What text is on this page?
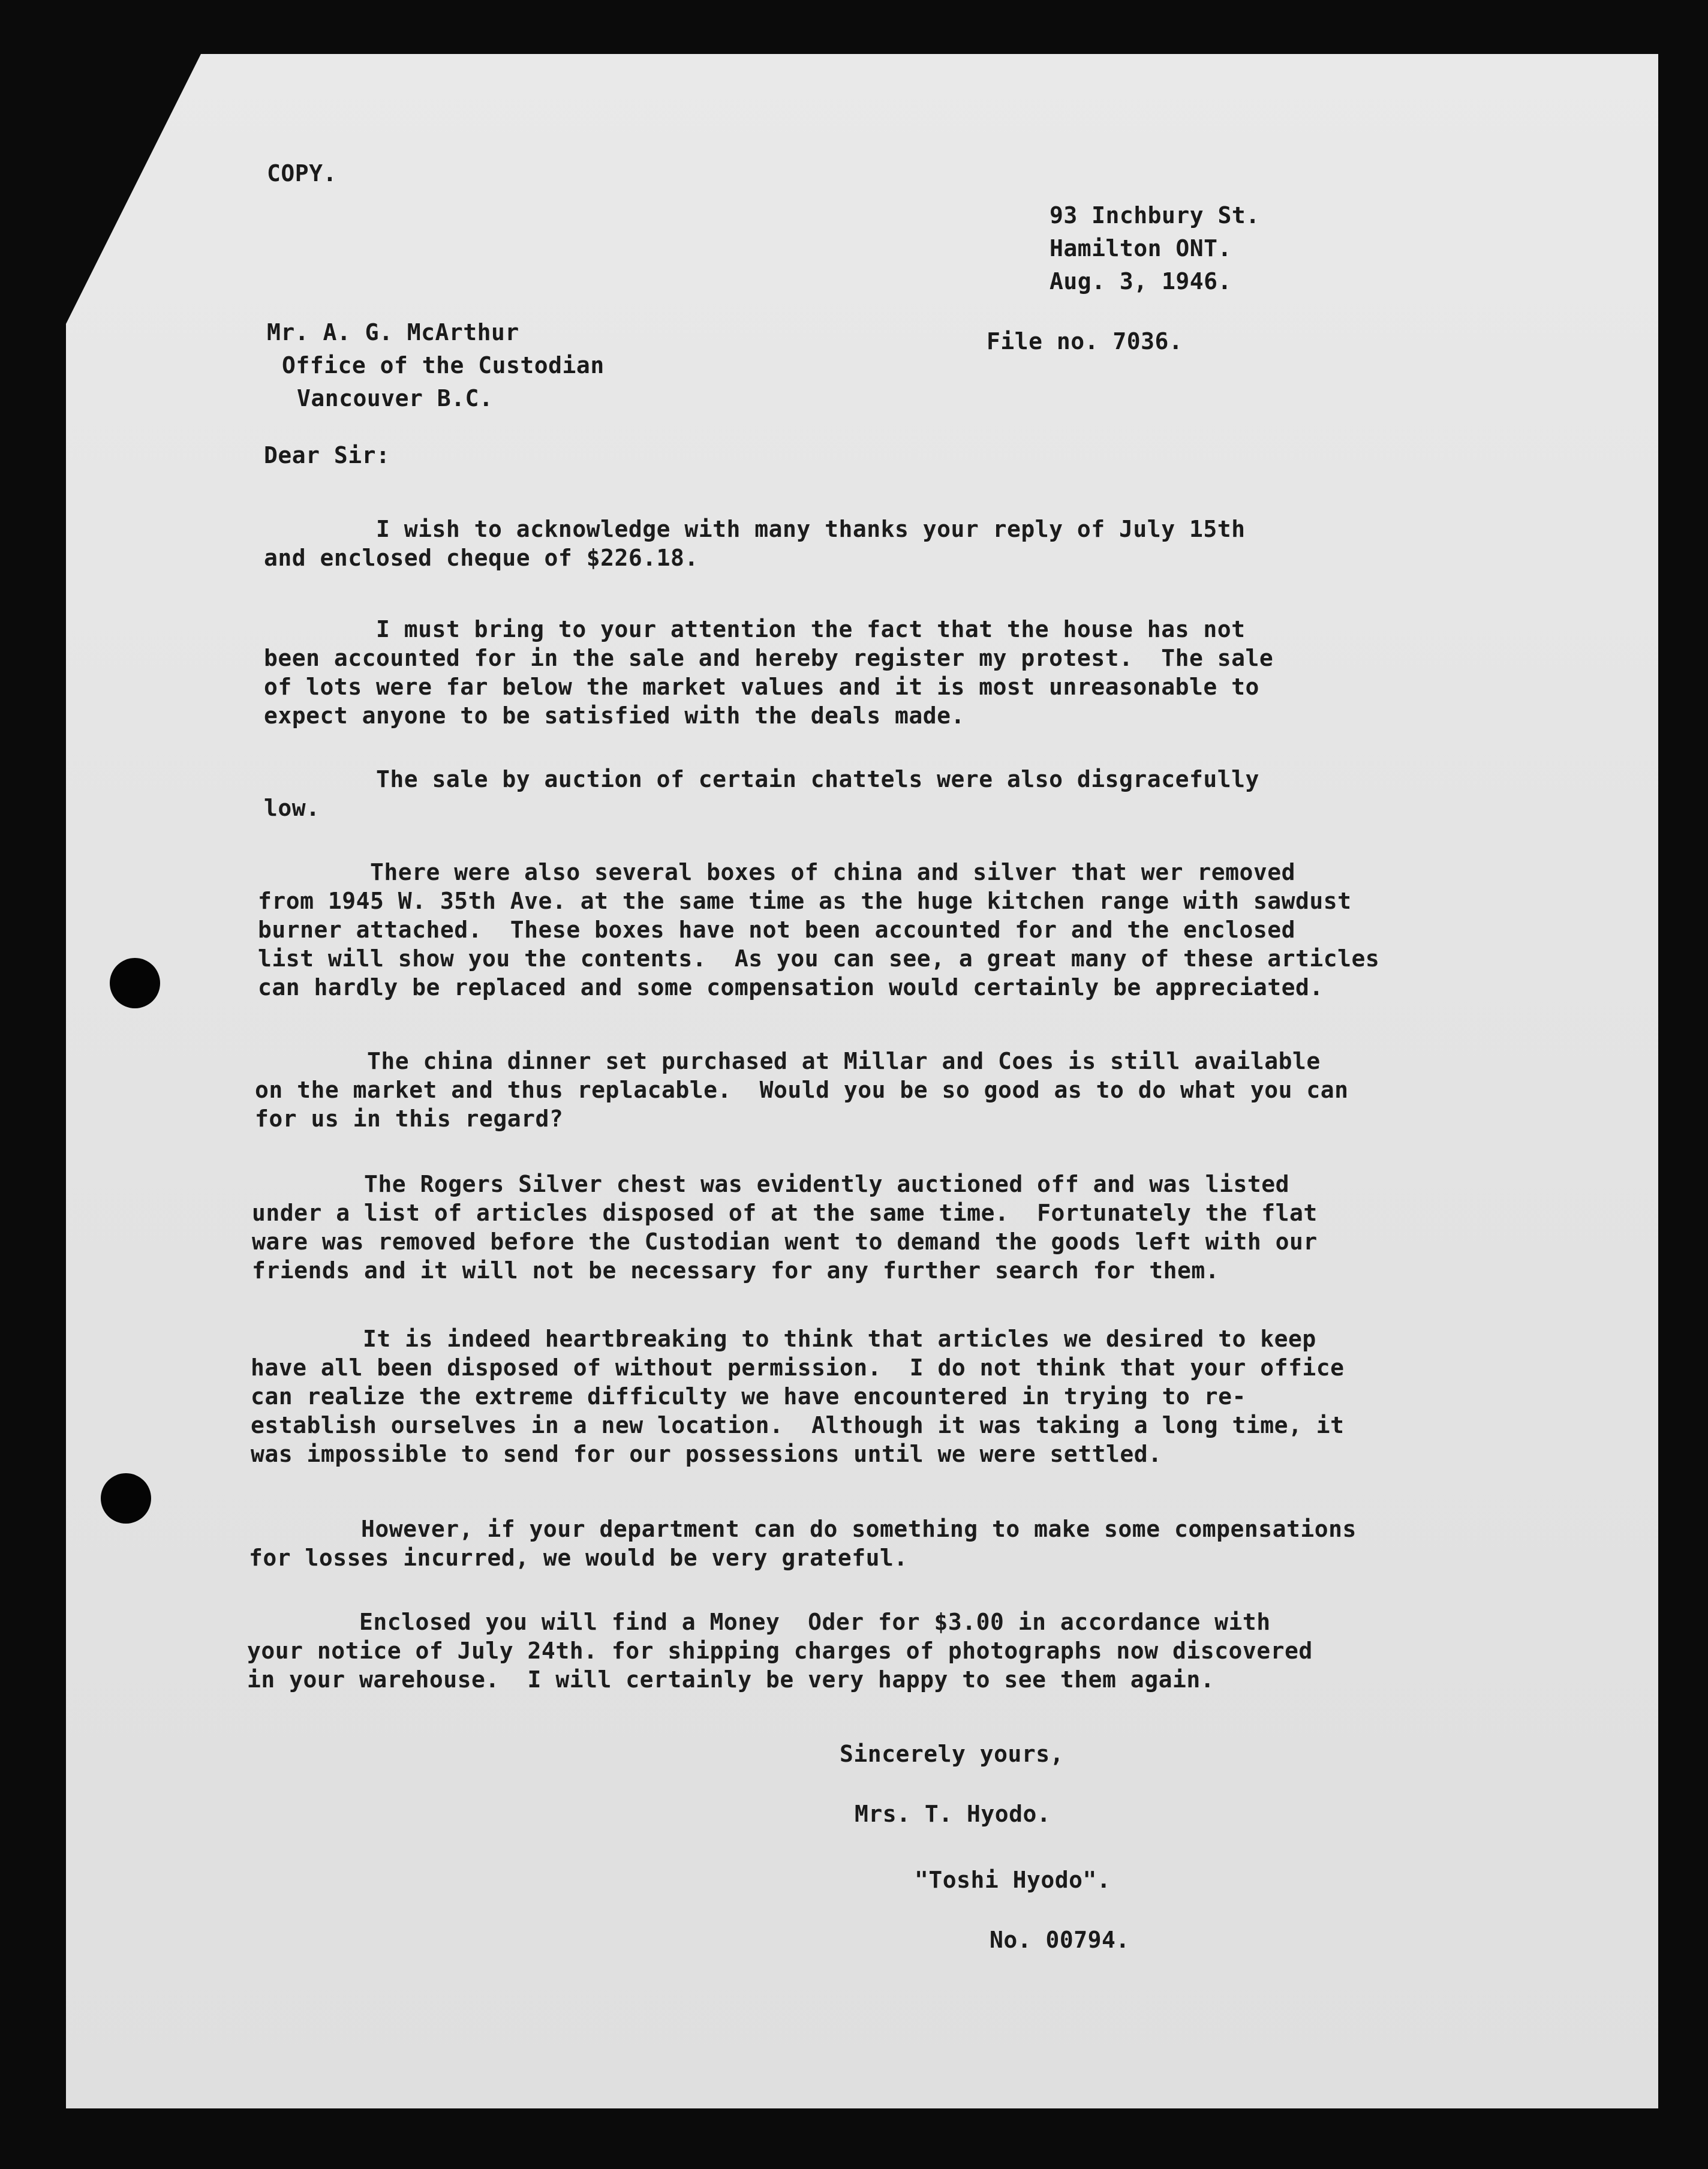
COPY.
93 Inchbury St.
Hamilton ONT.
Aug. 3, 1946.
Mr. A. G. McArthur
Office of the Custodian
Vancouver B.C.
File no. 7036.
Dear Sir:
I wish to acknowledge with many thanks your reply of July 15th
and enclosed cheque of $226.18.
I must bring to your attention the fact that the house has not
been accounted for in the sale and hereby register my protest.  The sale
of lots were far below the market values and it is most unreasonable to
expect anyone to be satisfied with the deals made.
The sale by auction of certain chattels were also disgracefully
low.
There were also several boxes of china and silver that wer removed
from 1945 W. 35th Ave. at the same time as the huge kitchen range with sawdust
burner attached.  These boxes have not been accounted for and the enclosed
list will show you the contents.  As you can see, a great many of these articles
can hardly be replaced and some compensation would certainly be appreciated.
The china dinner set purchased at Millar and Coes is still available
on the market and thus replacable.  Would you be so good as to do what you can
for us in this regard?
The Rogers Silver chest was evidently auctioned off and was listed
under a list of articles disposed of at the same time.  Fortunately the flat
ware was removed before the Custodian went to demand the goods left with our
friends and it will not be necessary for any further search for them.
It is indeed heartbreaking to think that articles we desired to keep
have all been disposed of without permission.  I do not think that your office
can realize the extreme difficulty we have encountered in trying to re-
establish ourselves in a new location.  Although it was taking a long time, it
was impossible to send for our possessions until we were settled.
However, if your department can do something to make some compensations
for losses incurred, we would be very grateful.
Enclosed you will find a Money  Oder for $3.00 in accordance with
your notice of July 24th. for shipping charges of photographs now discovered
in your warehouse.  I will certainly be very happy to see them again.
Sincerely yours,
Mrs. T. Hyodo.
"Toshi Hyodo".
No. 00794.
